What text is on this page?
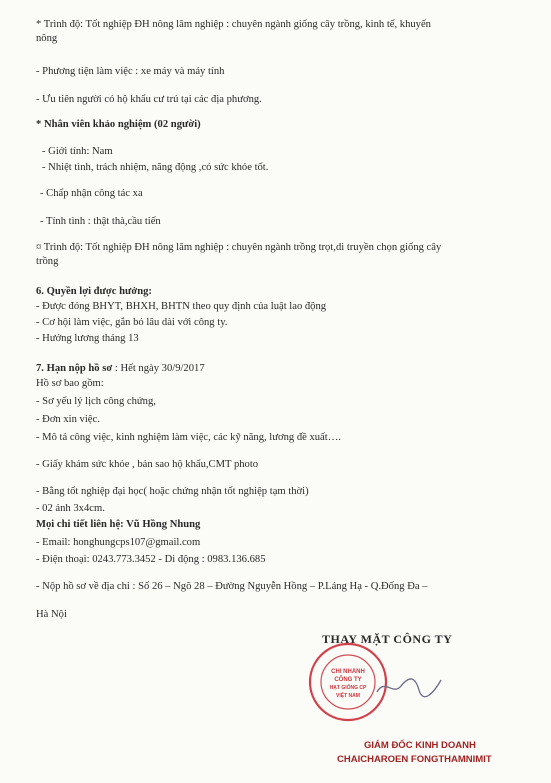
* Trình độ: Tốt nghiệp ĐH nông lâm nghiệp : chuyên ngành giống cây trồng, kinh tế, khuyến

nông

- Phương tiện làm việc : xe máy và máy tính

- Ưu tiên người có hộ khẩu cư trú tại các địa phương.

* Nhân viên khảo nghiệm (02 người)

- Giới tính: Nam

- Nhiệt tình, trách nhiệm, năng động ,có sức khỏe tốt.

- Chấp nhận công tác xa

- Tính tình : thật thà,cầu tiến

¤ Trình độ: Tốt nghiệp ĐH nông lâm nghiệp : chuyên ngành trồng trọt,di truyền chọn giống cây

trồng

6. Quyền lợi được hưởng:

- Được đóng BHYT, BHXH, BHTN theo quy định của luật lao động

- Cơ hội làm việc, gắn bó lâu dài với công ty.

- Hưởng lương tháng 13

7. Hạn nộp hồ sơ : Hết ngày 30/9/2017

Hồ sơ bao gồm:

- Sơ yếu lý lịch công chứng,

- Đơn xin việc.

- Mô tả công việc, kinh nghiệm làm việc, các kỹ năng, lương đề xuất….

- Giấy khám sức khỏe , bản sao hộ khẩu,CMT photo

- Bằng tốt nghiệp đại học( hoặc chứng nhận tốt nghiệp tạm thời)

- 02 ảnh 3x4cm.

Mọi chi tiết liên hệ: Vũ Hồng Nhung

- Email: honghungcps107@gmail.com

- Điện thoại: 0243.773.3452 - Di động : 0983.136.685

- Nộp hồ sơ về địa chỉ : Số 26 – Ngõ 28 – Đường Nguyễn Hồng – P.Láng Hạ - Q.Đống Đa –

Hà Nội

THAY MẶT CÔNG TY
CHI NHÁNH
CÔNG TY
HẠT GIỐNG CP
VIỆT NAM
GIÁM ĐỐC KINH DOANH
CHAICHAROEN FONGTHAMNIMIT
